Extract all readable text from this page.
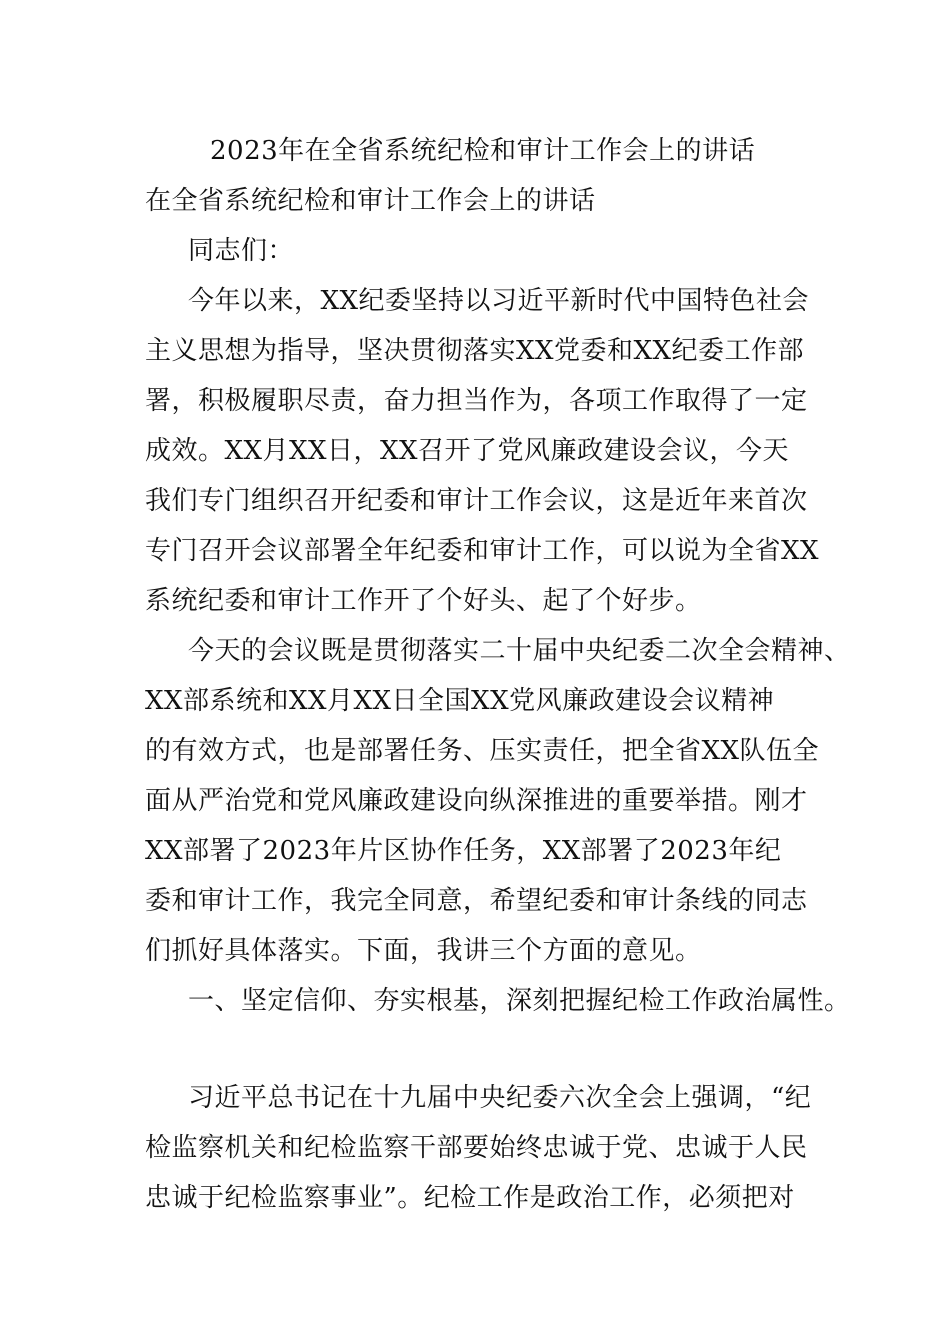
2023年在全省系统纪检和审计工作会上的讲话
在全省系统纪检和审计工作会上的讲话
同志们：
今年以来，XX纪委坚持以习近平新时代中国特色社会
主义思想为指导，坚决贯彻落实XX党委和XX纪委工作部
署，积极履职尽责，奋力担当作为，各项工作取得了一定
成效。XX月XX日，XX召开了党风廉政建设会议，今天
我们专门组织召开纪委和审计工作会议，这是近年来首次
专门召开会议部署全年纪委和审计工作，可以说为全省XX
系统纪委和审计工作开了个好头、起了个好步。
今天的会议既是贯彻落实二十届中央纪委二次全会精神、
XX部系统和XX月XX日全国XX党风廉政建设会议精神
的有效方式，也是部署任务、压实责任，把全省XX队伍全
面从严治党和党风廉政建设向纵深推进的重要举措。刚才
XX部署了2023年片区协作任务，XX部署了2023年纪
委和审计工作，我完全同意，希望纪委和审计条线的同志
们抓好具体落实。下面，我讲三个方面的意见。
一、坚定信仰、夯实根基，深刻把握纪检工作政治属性。
习近平总书记在十九届中央纪委六次全会上强调，“纪
检监察机关和纪检监察干部要始终忠诚于党、忠诚于人民
忠诚于纪检监察事业”。纪检工作是政治工作，必须把对
